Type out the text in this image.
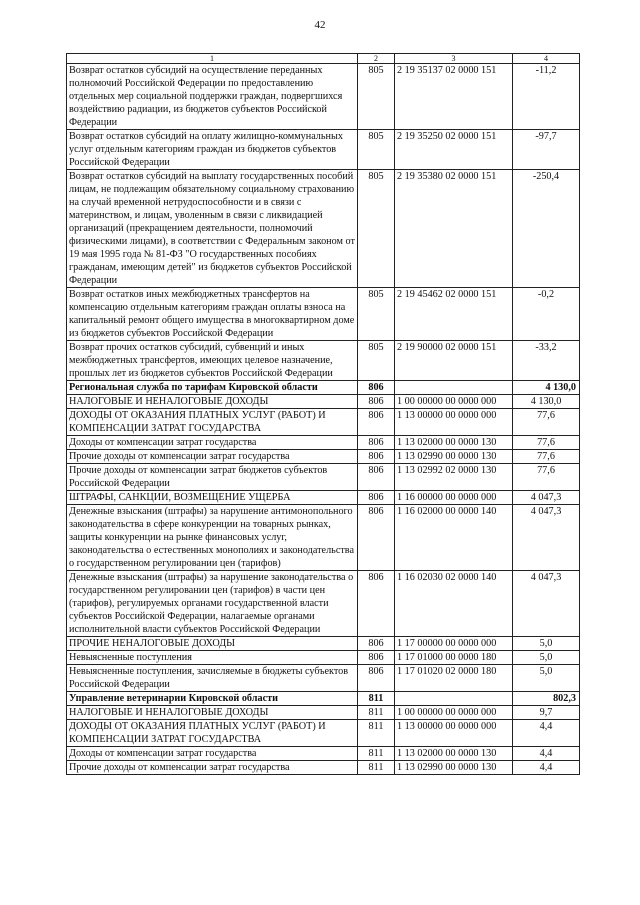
42
1	2	3	4
Возврат остатков субсидий на осуществление переданных полномочий Российской Федерации по предоставлению отдельных мер социальной поддержки граждан, подвергшихся воздействию радиации, из бюджетов субъектов Российской Федерации	805	2 19 35137 02 0000 151	-11,2
Возврат остатков субсидий на оплату жилищно-коммунальных услуг отдельным категориям граждан из бюджетов субъектов Российской Федерации	805	2 19 35250 02 0000 151	-97,7
Возврат остатков субсидий на выплату государственных пособий лицам, не подлежащим обязательному социальному страхованию на случай временной нетрудоспособности и в связи с материнством, и лицам, уволенным в связи с ликвидацией организаций (прекращением деятельности, полномочий физическими лицами), в соответствии с Федеральным законом от 19 мая 1995 года № 81-ФЗ "О государственных пособиях гражданам, имеющим детей" из бюджетов субъектов Российской Федерации	805	2 19 35380 02 0000 151	-250,4
Возврат остатков иных межбюджетных трансфертов на компенсацию отдельным категориям граждан оплаты взноса на капитальный ремонт общего имущества в многоквартирном доме из бюджетов субъектов Российской Федерации	805	2 19 45462 02 0000 151	-0,2
Возврат прочих остатков субсидий, субвенций и иных межбюджетных трансфертов, имеющих целевое назначение, прошлых лет из бюджетов субъектов Российской Федерации	805	2 19 90000 02 0000 151	-33,2
Региональная служба по тарифам Кировской области	806		4 130,0
НАЛОГОВЫЕ И НЕНАЛОГОВЫЕ ДОХОДЫ	806	1 00 00000 00 0000 000	4 130,0
ДОХОДЫ ОТ ОКАЗАНИЯ ПЛАТНЫХ УСЛУГ (РАБОТ) И КОМПЕНСАЦИИ ЗАТРАТ ГОСУДАРСТВА	806	1 13 00000 00 0000 000	77,6
Доходы от компенсации затрат государства	806	1 13 02000 00 0000 130	77,6
Прочие доходы от компенсации затрат государства	806	1 13 02990 00 0000 130	77,6
Прочие доходы от компенсации затрат бюджетов субъектов Российской Федерации	806	1 13 02992 02 0000 130	77,6
ШТРАФЫ, САНКЦИИ, ВОЗМЕЩЕНИЕ УЩЕРБА	806	1 16 00000 00 0000 000	4 047,3
Денежные взыскания (штрафы) за нарушение антимонопольного законодательства в сфере конкуренции на товарных рынках, защиты конкуренции на рынке финансовых услуг, законодательства о естественных монополиях и законодательства о государственном регулировании цен (тарифов)	806	1 16 02000 00 0000 140	4 047,3
Денежные взыскания (штрафы) за нарушение законодательства о государственном регулировании цен (тарифов) в части цен (тарифов), регулируемых органами государственной власти субъектов Российской Федерации, налагаемые органами исполнительной власти субъектов Российской Федерации	806	1 16 02030 02 0000 140	4 047,3
ПРОЧИЕ НЕНАЛОГОВЫЕ ДОХОДЫ	806	1 17 00000 00 0000 000	5,0
Невыясненные поступления	806	1 17 01000 00 0000 180	5,0
Невыясненные поступления, зачисляемые в бюджеты субъектов Российской Федерации	806	1 17 01020 02 0000 180	5,0
Управление ветеринарии Кировской области	811		802,3
НАЛОГОВЫЕ И НЕНАЛОГОВЫЕ ДОХОДЫ	811	1 00 00000 00 0000 000	9,7
ДОХОДЫ ОТ ОКАЗАНИЯ ПЛАТНЫХ УСЛУГ (РАБОТ) И КОМПЕНСАЦИИ ЗАТРАТ ГОСУДАРСТВА	811	1 13 00000 00 0000 000	4,4
Доходы от компенсации затрат государства	811	1 13 02000 00 0000 130	4,4
Прочие доходы от компенсации затрат государства	811	1 13 02990 00 0000 130	4,4
